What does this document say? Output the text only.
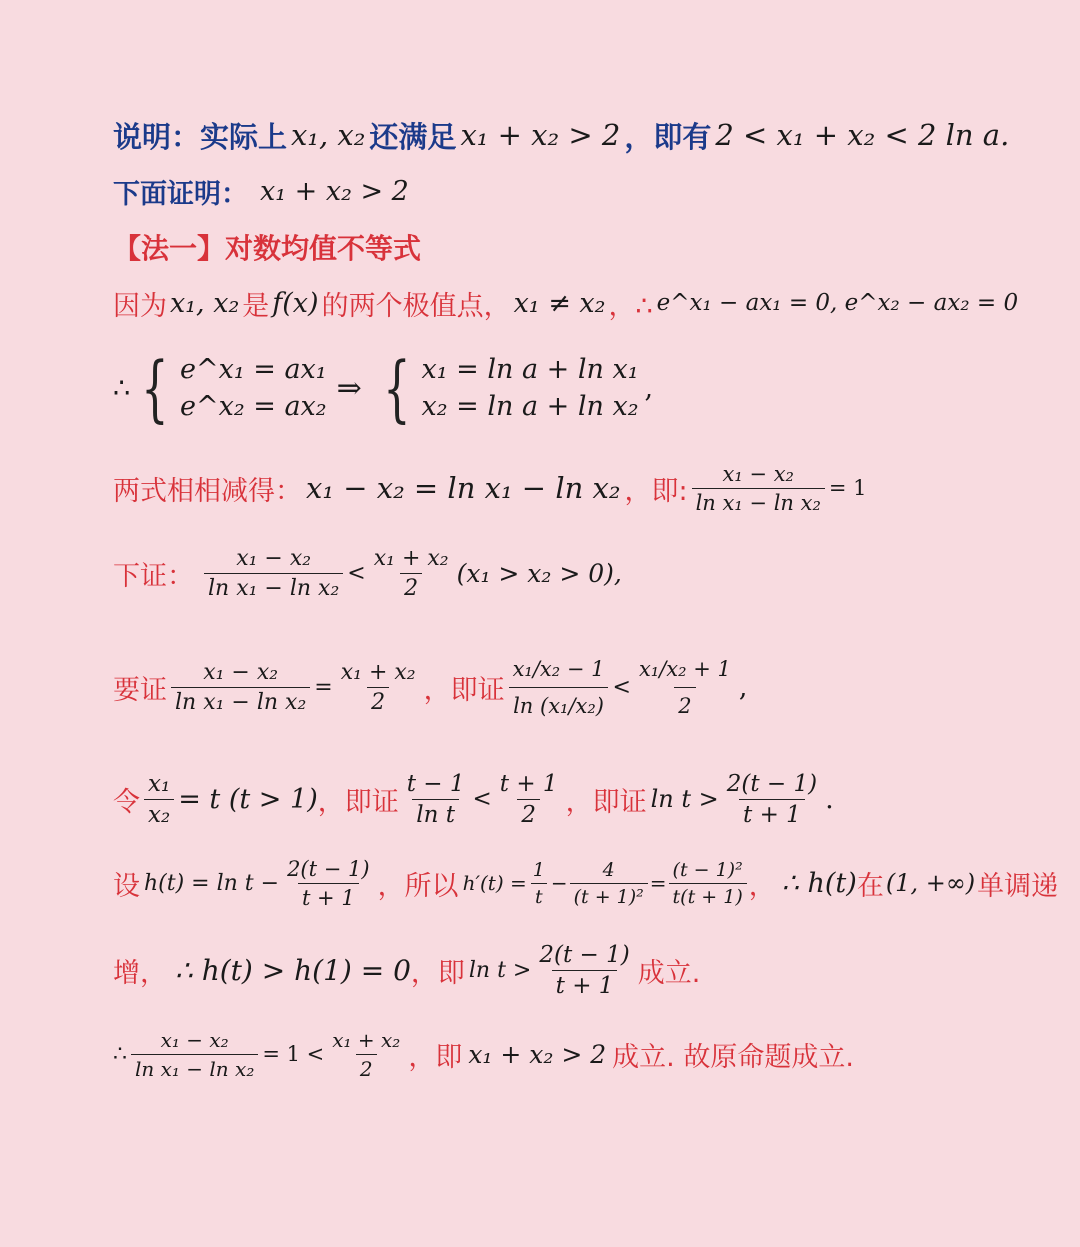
说明：实际上 x₁, x₂ 还满足 x₁ + x₂ > 2 ，即有 2 < x₁ + x₂ < 2 ln a.
下面证明： x₁ + x₂ > 2
【法一】对数均值不等式
因为 x₁, x₂ 是 f(x) 的两个极值点， x₁ ≠ x₂ ，∴ e^x₁ − ax₁ = 0, e^x₂ − ax₂ = 0
∴ { e^x₁ = ax₁
e^x₂ = ax₂
⇒ { x₁ = ln a + ln x₁
x₂ = ln a + ln x₂
,
两式相相减得： x₁ − x₂ = ln x₁ − ln x₂ ，即: $\frac{\text{x₁ − x₂}}{\text{ln x₁ − ln x₂}} = 1$
下证： $\frac{\text{x₁ − x₂}}{\text{ln x₁ − ln x₂}} < \frac{\text{x₁ + x₂}}{2} (x_1 > x_2 > 0)$,
要证 $\frac{\text{x₁ − x₂}}{\text{ln x₁ − ln x₂}} = \frac{\text{x₁ + x₂}}{2}$ ，即证 $\frac{\text{x₁/x₂ − 1}}{\text{ln (x₁/x₂)}} < \frac{\text{x₁/x₂ + 1}}{2}$ ,
令 $\frac{\text{x₁}}{\text{x₂}} = t$ (t > 1) ，即证 $\frac{t - 1}{\text{ln t}} < \frac{t + 1}{2}$ ，即证 $\ln t > \frac{2(t - 1)}{t + 1}$ .
设 $h(t) = \ln t - \frac{2(t - 1)}{t + 1}$ ，所以 $h'(t) = \frac{1}{t} - \frac{4}{\text{(t + 1)²}} = \frac{\text{(t − 1)²}}{t(t + 1)}$ ， ∴ h(t) 在 (1, +∞) 单调递
增， ∴ h(t) > h(1) = 0 ，即 $\ln t > \frac{2(t - 1)}{t + 1}$ 成立.
∴ $\frac{\text{x₁ − x₂}}{\text{ln x₁ − ln x₂}} = 1 < \frac{\text{x₁ + x₂}}{2}$ ，即 x₁ + x₂ > 2 成立. 故原命题成立.
